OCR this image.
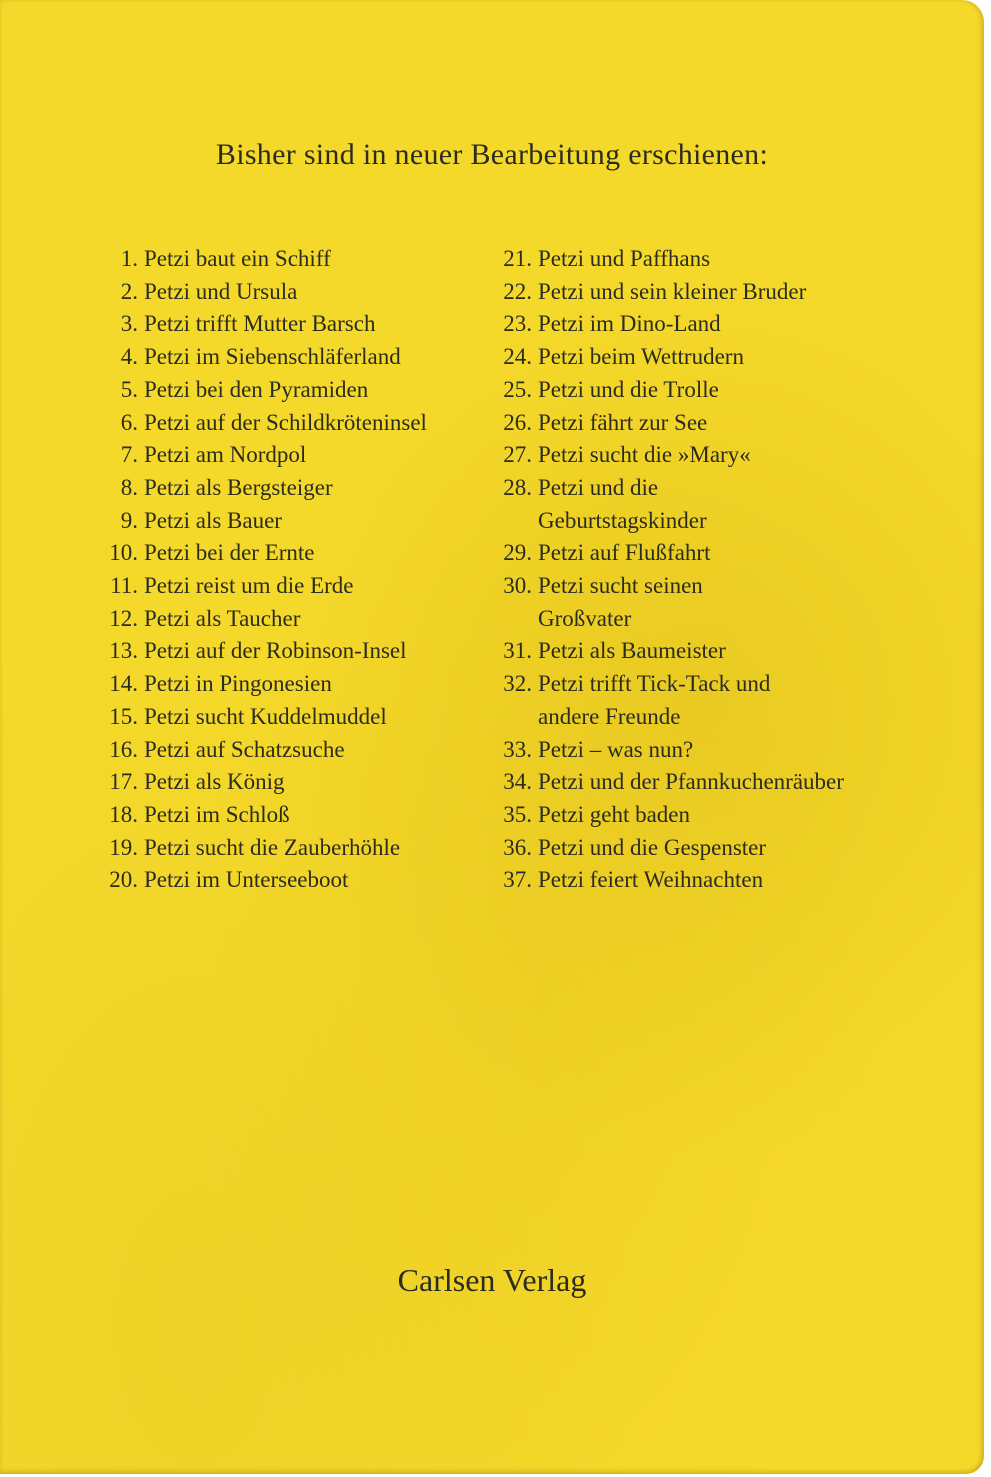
Bisher sind in neuer Bearbeitung erschienen:
1. Petzi baut ein Schiff
2. Petzi und Ursula
3. Petzi trifft Mutter Barsch
4. Petzi im Siebenschläferland
5. Petzi bei den Pyramiden
6. Petzi auf der Schildkröteninsel
7. Petzi am Nordpol
8. Petzi als Bergsteiger
9. Petzi als Bauer
10. Petzi bei der Ernte
11. Petzi reist um die Erde
12. Petzi als Taucher
13. Petzi auf der Robinson-Insel
14. Petzi in Pingonesien
15. Petzi sucht Kuddelmuddel
16. Petzi auf Schatzsuche
17. Petzi als König
18. Petzi im Schloß
19. Petzi sucht die Zauberhöhle
20. Petzi im Unterseeboot
21. Petzi und Paffhans
22. Petzi und sein kleiner Bruder
23. Petzi im Dino-Land
24. Petzi beim Wettrudern
25. Petzi und die Trolle
26. Petzi fährt zur See
27. Petzi sucht die »Mary«
28. Petzi und die
Geburtstagskinder
29. Petzi auf Flußfahrt
30. Petzi sucht seinen
Großvater
31. Petzi als Baumeister
32. Petzi trifft Tick-Tack und
andere Freunde
33. Petzi – was nun?
34. Petzi und der Pfannkuchenräuber
35. Petzi geht baden
36. Petzi und die Gespenster
37. Petzi feiert Weihnachten
Carlsen Verlag
